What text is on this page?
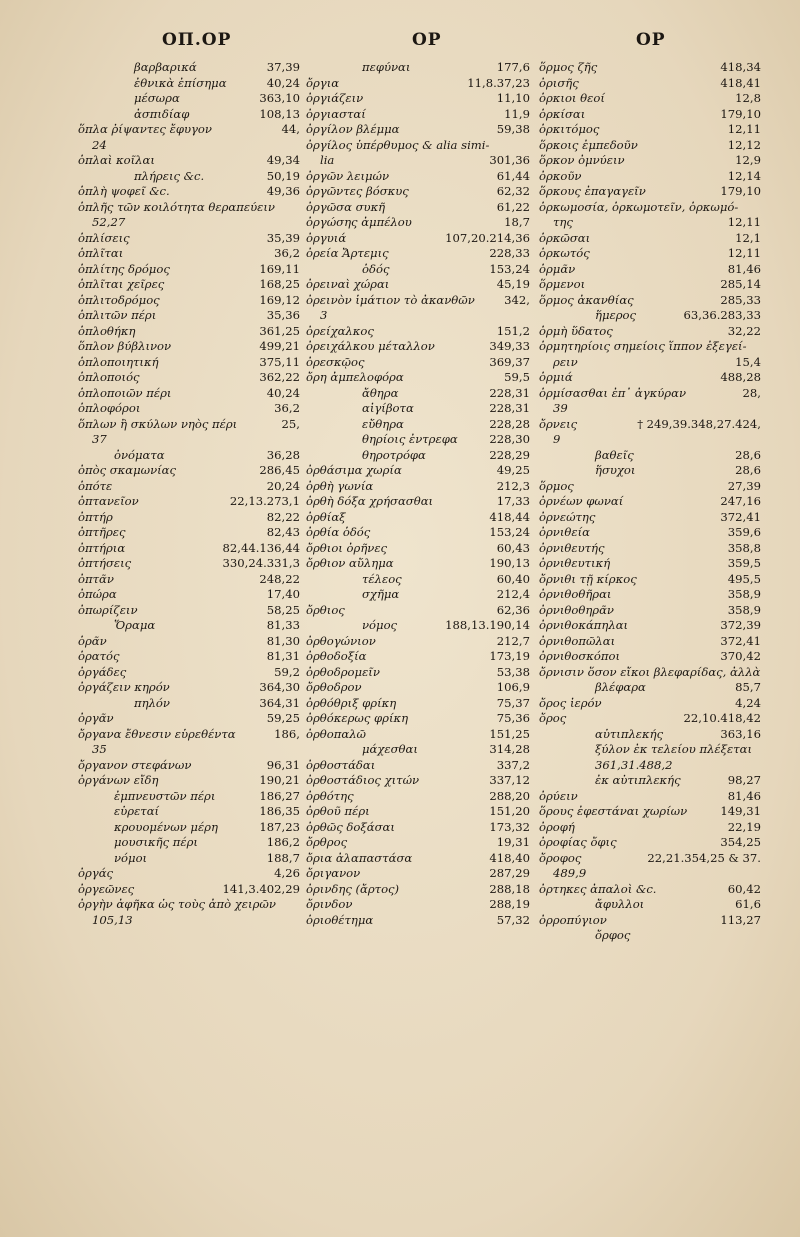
ΟΠ.ΟΡ	ΟΡ	ΟΡ
βαρβαρικά	37,39
ἐθνικὰ ἐπίσημα	40,24
μέσωρα	363,10
ἀσπιδίαφ	108,13
ὅπλα ῥίψαντες ἔφυγον	44,
24
ὁπλαὶ κοῖλαι	49,34
πλήρεις &c.	50,19
ὁπλὴ ψοφεῖ &c.	49,36
ὁπλῆς τῶν κοιλότητα θεραπεύειν
52,27
ὁπλίσεις	35,39
ὁπλῖται	36,2
ὁπλίτης δρόμος	169,11
ὁπλῖται χεῖρες	168,25
ὁπλιτοδρόμος	169,12
ὁπλιτῶν πέρι	35,36
ὁπλοθήκη	361,25
ὅπλον βύβλινον	499,21
ὁπλοποιητική	375,11
ὁπλοποιός	362,22
ὁπλοποιῶν πέρι	40,24
ὁπλοφόροι	36,2
ὅπλων ἢ σκύλων νηὸς πέρι	25,
37
ὀνόματα	36,28
ὀπὸς σκαμωνίας	286,45
ὁπότε	20,24
ὀπτανεῖον	22,13.273,1
ὀπτήρ	82,22
ὀπτῆρες	82,43
ὀπτήρια	82,44.136,44
ὀπτήσεις	330,24.331,3
ὀπτᾶν	248,22
ὀπώρα	17,40
ὀπωρίζειν	58,25
Ὅραμα	81,33
ὁρᾶν	81,30
ὁρατός	81,31
ὀργάδες	59,2
ὀργάζειν κηρόν	364,30
πηλόν	364,31
ὀργᾶν	59,25
ὄργανα ἔθνεσιν εὑρεθέντα	186,
35
ὄργανον στεφάνων	96,31
ὀργάνων εἴδη	190,21
ἐμπνευστῶν πέρι	186,27
εὑρεταί	186,35
κρουομένων μέρη	187,23
μουσικῆς πέρι	186,2
νόμοι	188,7
ὀργάς	4,26
ὀργεῶνες	141,3.402,29
ὀργὴν ἀφῆκα ὡς τοὺς ἀπὸ χειρῶν
105,13
πεφύναι	177,6
ὄργια	11,8.37,23
ὀργιάζειν	11,10
ὀργιασταί	11,9
ὀργίλον βλέμμα	59,38
ὀργίλος ὑπέρθυμος & alia simi-
lia	301,36
ὀργῶν λειμών	61,44
ὀργῶντες βόσκυς	62,32
ὀργῶσα συκῆ	61,22
ὀργώσης ἀμπέλου	18,7
ὀργυιά	107,20.214,36
ὀρεία Ἄρτεμις	228,33
ὁδός	153,24
ὀρειναὶ χώραι	45,19
ὀρεινὸν ἱμάτιον τὸ ἀκανθῶν	342,
3
ὀρείχαλκος	151,2
ὀρειχάλκου μέταλλον	349,33
ὀρεσκῷος	369,37
ὄρη ἀμπελοφόρα	59,5
ἄθηρα	228,31
αἰγίβοτα	228,31
εὔθηρα	228,28
θηρίοις ἐντρεφα	228,30
θηροτρόφα	228,29
ὀρθάσιμα χωρία	49,25
ὀρθὴ γωνία	212,3
ὀρθὴ δόξα χρήσασθαι	17,33
ὀρθίαξ	418,44
ὀρθία ὁδός	153,24
ὄρθιοι ὀρῆνες	60,43
ὄρθιον αὔλημα	190,13
τέλεος	60,40
σχῆμα	212,4
ὄρθιος	62,36
νόμος	188,13.190,14
ὀρθογώνιον	212,7
ὀρθοδοξία	173,19
ὀρθοδρομεῖν	53,38
ὄρθοδρον	106,9
ὀρθόθριξ φρίκη	75,37
ὀρθόκερως φρίκη	75,36
ὀρθοπαλῶ	151,25
μάχεσθαι	314,28
ὀρθοστάδαι	337,2
ὀρθοστάδιος χιτών	337,12
ὀρθότης	288,20
ὀρθοῦ πέρι	151,20
ὀρθῶς δοξάσαι	173,32
ὄρθρος	19,31
ὄρια ἀλαπαστάσα	418,40
ὄριγανον	287,29
ὀρινδης (ἄρτος)	288,18
ὄρινδον	288,19
ὁριοθέτημα	57,32
ὅρμος ζῆς	418,34
ὀρισῆς	418,41
ὁρκιοι θεοί	12,8
ὁρκίσαι	179,10
ὁρκιτόμος	12,11
ὅρκοις ἐμπεδοῦν	12,12
ὅρκον ὀμνύειν	12,9
ὀρκοῦν	12,14
ὅρκους ἐπαγαγεῖν	179,10
ὁρκωμοσία, ὁρκωμοτεῖν, ὁρκωμό-
της	12,11
ὁρκῶσαι	12,1
ὁρκωτός	12,11
ὁρμᾶν	81,46
ὅρμενοι	285,14
ὅρμος ἀκανθίας	285,33
ἥμερος	63,36.283,33
ὁρμὴ ὕδατος	32,22
ὁρμητηρίοις σημείοις ἵππον ἐξεγεί-
ρειν	15,4
ὁρμιά	488,28
ὁρμίσασθαι ἐπ᾿ ἀγκύραν	28,
39
ὄρνεις	† 249,39.348,27.424,
9
βαθεῖς	28,6
ἥσυχοι	28,6
ὅρμος	27,39
ὀρνέων φωναί	247,16
ὀρνεώτης	372,41
ὀρνιθεία	359,6
ὀρνιθευτής	358,8
ὀρνιθευτική	359,5
ὄρνιθι τῇ κίρκος	495,5
ὀρνιθοθῆραι	358,9
ὀρνιθοθηρᾶν	358,9
ὀρνιθοκάπηλαι	372,39
ὀρνιθοπῶλαι	372,41
ὀρνιθοσκόποι	370,42
ὄρνισιν ὅσον εἴκοι βλεφαρίδας, ἀλλὰ
βλέφαρα	85,7
ὄρος ἱερόν	4,24
ὄρος	22,10.418,42
αὐτιπλεκής	363,16
ξύλον ἐκ τελείου πλέξεται
361,31.488,2
ἐκ αὐτιπλεκής	98,27
ὀρύειν	81,46
ὅρους ἐφεστάναι χωρίων	149,31
ὀροφή	22,19
ὀροφίας ὄφις	354,25
ὄροφος	22,21.354,25 & 37.
489,9
ὀρτηκες ἀπαλοὶ &c.	60,42
ἄφυλλοι	61,6
ὀρροπύγιον	113,27
ὄρφος
